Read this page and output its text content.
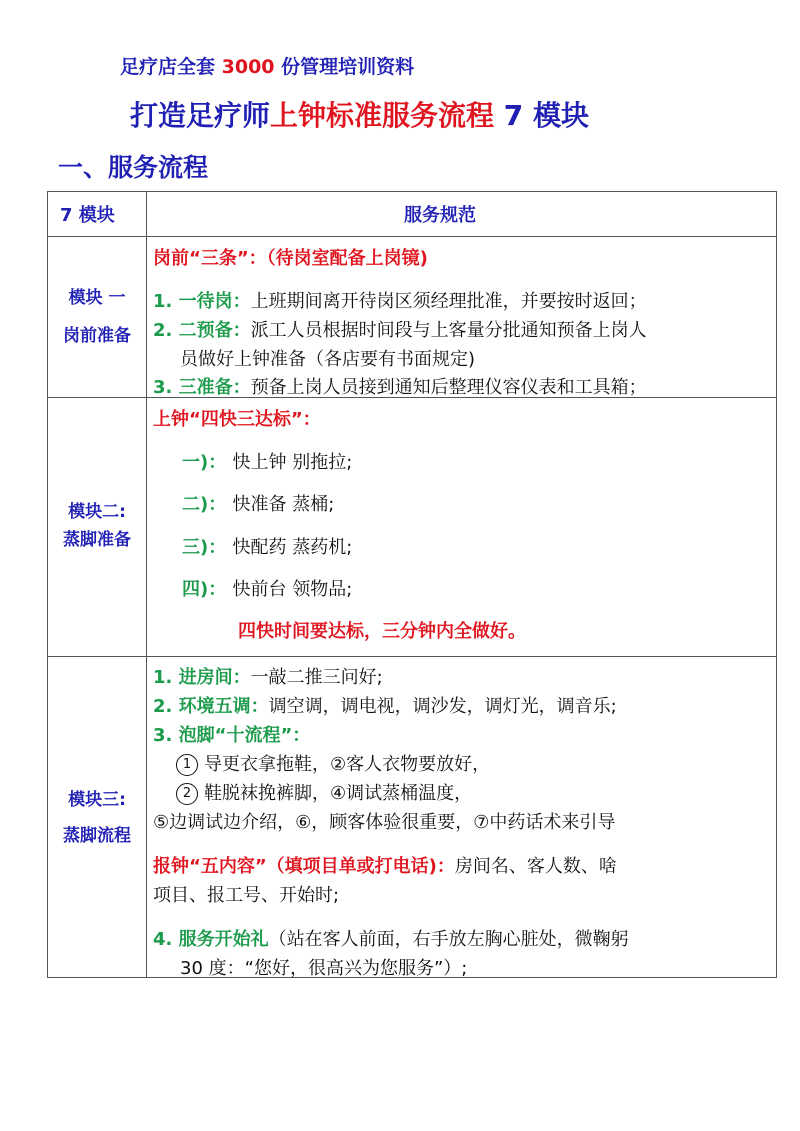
足疗店全套 3000 份管理培训资料
打造足疗师上钟标准服务流程 7 模块
一、服务流程
7 模块	服务规范
模块 一
岗前准备
岗前“三条”：（待岗室配备上岗镜)
1. 一待岗：上班期间离开待岗区须经理批准，并要按时返回；
2. 二预备：派工人员根据时间段与上客量分批通知预备上岗人
员做好上钟准备（各店要有书面规定)
3. 三准备：预备上岗人员接到通知后整理仪容仪表和工具箱；
模块二:
蒸脚准备
上钟“四快三达标”：
一)： 快上钟 别拖拉;
二)： 快准备 蒸桶;
三)： 快配药 蒸药机;
四)： 快前台 领物品;
四快时间要达标，三分钟内全做好。
模块三:
蒸脚流程
1. 进房间：一敲二推三问好;
2. 环境五调：调空调，调电视，调沙发，调灯光，调音乐;
3. 泡脚“十流程”：
1 导更衣拿拖鞋，②客人衣物要放好，
2 鞋脱袜挽裤脚，④调试蒸桶温度，
⑤边调试边介绍，⑥，顾客体验很重要，⑦中药话术来引导
报钟“五内容”（填项目单或打电话)：房间名、客人数、啥
项目、报工号、开始时;
4. 服务开始礼（站在客人前面，右手放左胸心脏处，微鞠躬
30 度：“您好，很高兴为您服务”）;
